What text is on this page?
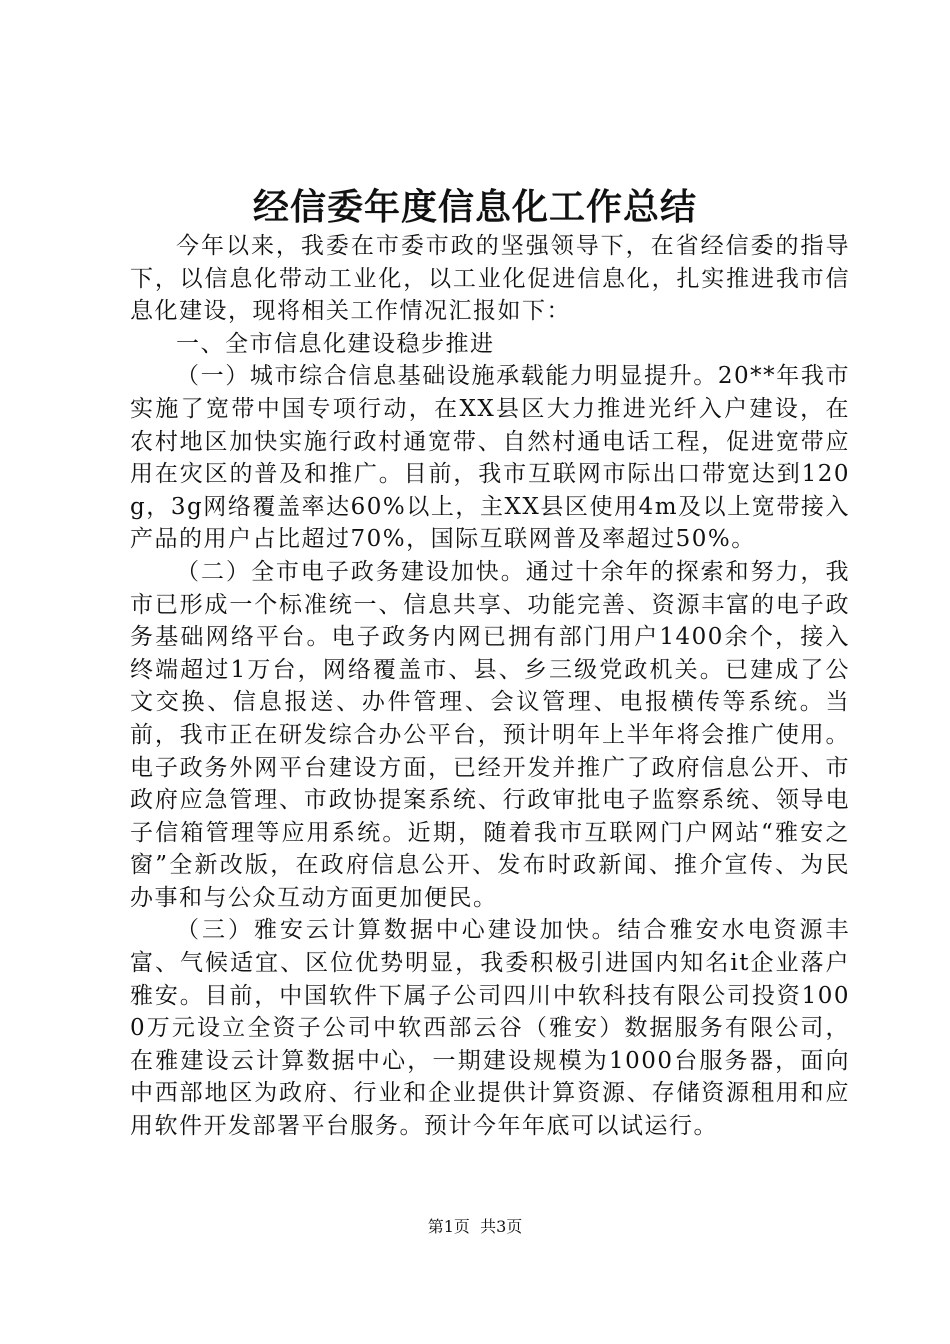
经信委年度信息化工作总结

今年以来，我委在市委市政的坚强领导下，在省经信委的指导下，以信息化带动工业化，以工业化促进信息化，扎实推进我市信息化建设，现将相关工作情况汇报如下：

一、全市信息化建设稳步推进

（一）城市综合信息基础设施承载能力明显提升。20**年我市实施了宽带中国专项行动，在XX县区大力推进光纤入户建设，在农村地区加快实施行政村通宽带、自然村通电话工程，促进宽带应用在灾区的普及和推广。目前，我市互联网市际出口带宽达到120g，3g网络覆盖率达60%以上，主XX县区使用4m及以上宽带接入产品的用户占比超过70%，国际互联网普及率超过50%。

（二）全市电子政务建设加快。通过十余年的探索和努力，我市已形成一个标准统一、信息共享、功能完善、资源丰富的电子政务基础网络平台。电子政务内网已拥有部门用户1400余个，接入终端超过1万台，网络覆盖市、县、乡三级党政机关。已建成了公文交换、信息报送、办件管理、会议管理、电报横传等系统。当前，我市正在研发综合办公平台，预计明年上半年将会推广使用。电子政务外网平台建设方面，已经开发并推广了政府信息公开、市政府应急管理、市政协提案系统、行政审批电子监察系统、领导电子信箱管理等应用系统。近期，随着我市互联网门户网站“雅安之窗”全新改版，在政府信息公开、发布时政新闻、推介宣传、为民办事和与公众互动方面更加便民。

（三）雅安云计算数据中心建设加快。结合雅安水电资源丰富、气候适宜、区位优势明显，我委积极引进国内知名it企业落户雅安。目前，中国软件下属子公司四川中软科技有限公司投资1000万元设立全资子公司中软西部云谷（雅安）数据服务有限公司，在雅建设云计算数据中心，一期建设规模为1000台服务器，面向中西部地区为政府、行业和企业提供计算资源、存储资源租用和应用软件开发部署平台服务。预计今年年底可以试运行。

第1页  共3页
